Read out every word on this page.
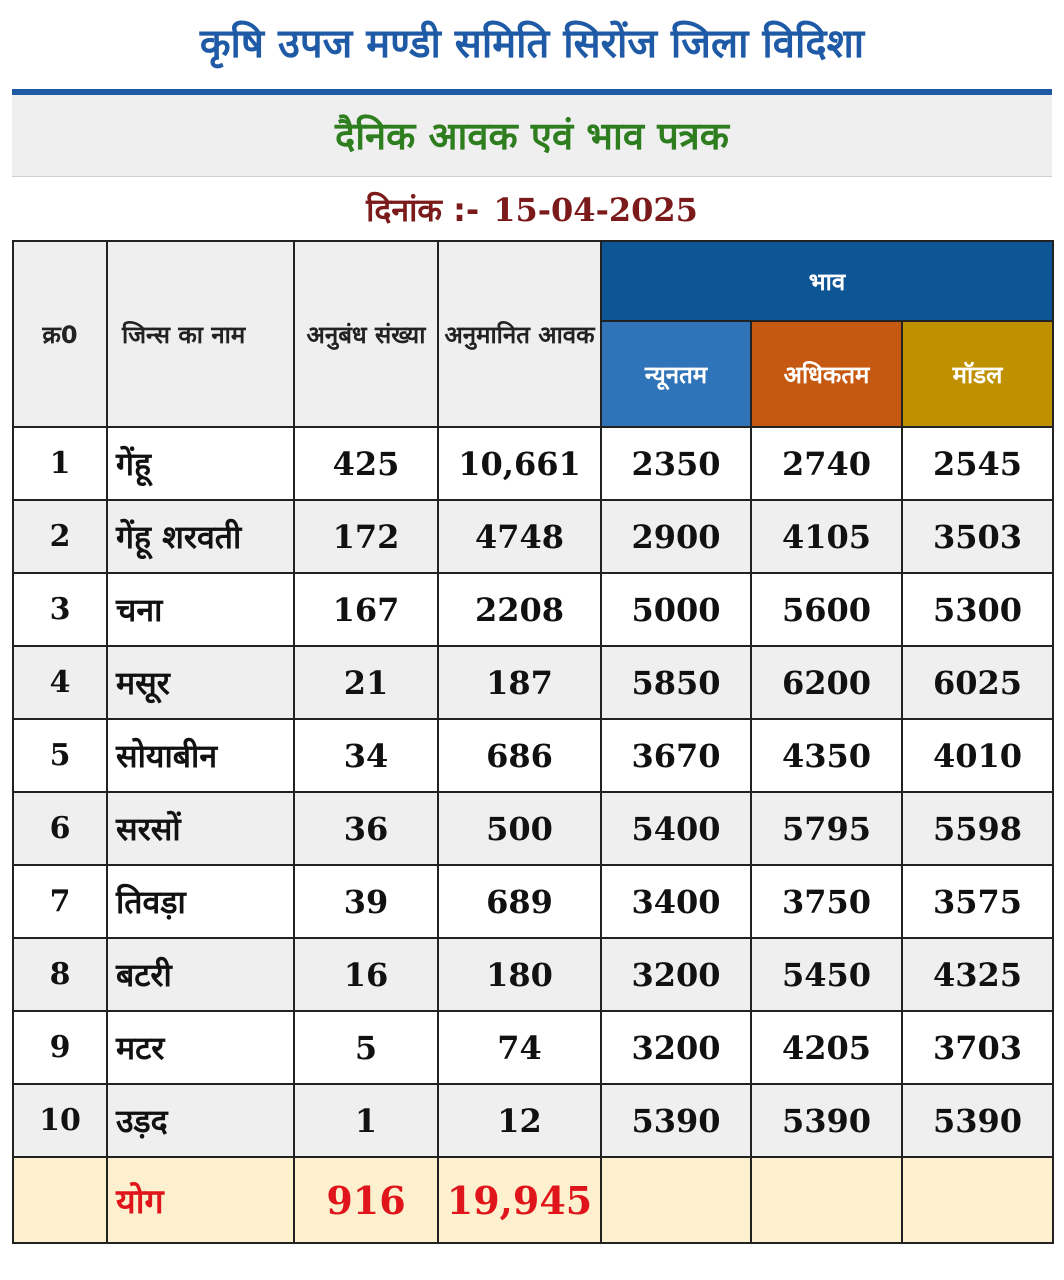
कृषि उपज मण्डी समिति सिरोंज जिला विदिशा
दैनिक आवक एवं भाव पत्रक
दिनांक :- 15-04-2025
क्र0	जिन्स का नाम	अनुबंध संख्या	अनुमानित आवक	भाव		
				न्यूनतम	अधिकतम	मॉडल
1	गेंहू	425	10,661	2350	2740	2545
2	गेंहू शरवती	172	4748	2900	4105	3503
3	चना	167	2208	5000	5600	5300
4	मसूर	21	187	5850	6200	6025
5	सोयाबीन	34	686	3670	4350	4010
6	सरसों	36	500	5400	5795	5598
7	तिवड़ा	39	689	3400	3750	3575
8	बटरी	16	180	3200	5450	4325
9	मटर	5	74	3200	4205	3703
10	उड़द	1	12	5390	5390	5390
	योग	916	19,945			
